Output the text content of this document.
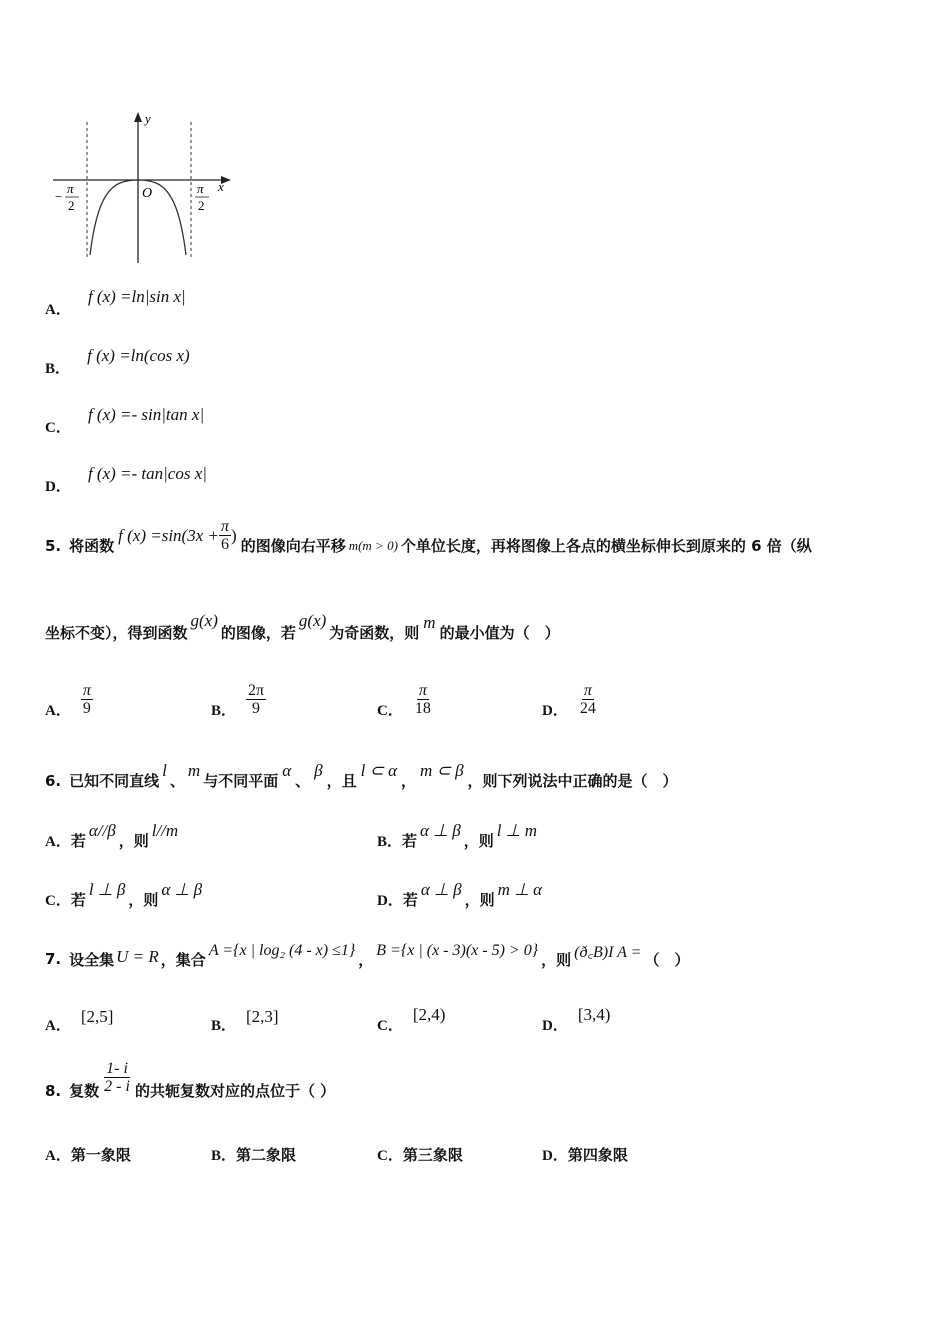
y
x
O
−
π
2
π
2
A． f (x) =ln|sin x|
B． f (x) =ln(cos x)
C． f (x) =- sin|tan x|
D． f (x) =- tan|cos x|
5. 将函数
f $(x) =\sin(3x + \frac{\pi}{6}$ )
的图像向右平移 m(m > 0) 个单位长度，再将图像上各点的横坐标伸长到原来的 6 倍（纵
坐标不变），得到函数
g(x)
的图像，若
g(x)
为奇函数，则
m
的最小值为（　）
A． $\frac{\pi}{9}$	B． $\frac{2\pi}{9}$	C． $\frac{\pi}{18}$	D． $\frac{\pi}{24}$
6. 已知不同直线
l
、
m
与不同平面
α
、
β
，且
l ⊂ α
，
m ⊂ β
，则下列说法中正确的是（　）
A． 若
α//β
，则
l//m
B． 若
α ⊥ β
，则
l ⊥ m
C． 若
l ⊥ β
，则
α ⊥ β
D． 若
α ⊥ β
，则
m ⊥ α
7. 设全集 U = R ，集合 A ={x | log₂ (4 - x) ≤1} ， B ={x | (x - 3)(x - 5) > 0} ，则 (ð꜀B)I A = （　）
A．
[2,5]
B．
[2,3]
C．
[2,4)
D．
[3,4)
8. 复数 $\frac{1- i}{2 - i}$ 的共轭复数对应的点位于（ ）
A．第一象限	B．第二象限	C．第三象限	D．第四象限
